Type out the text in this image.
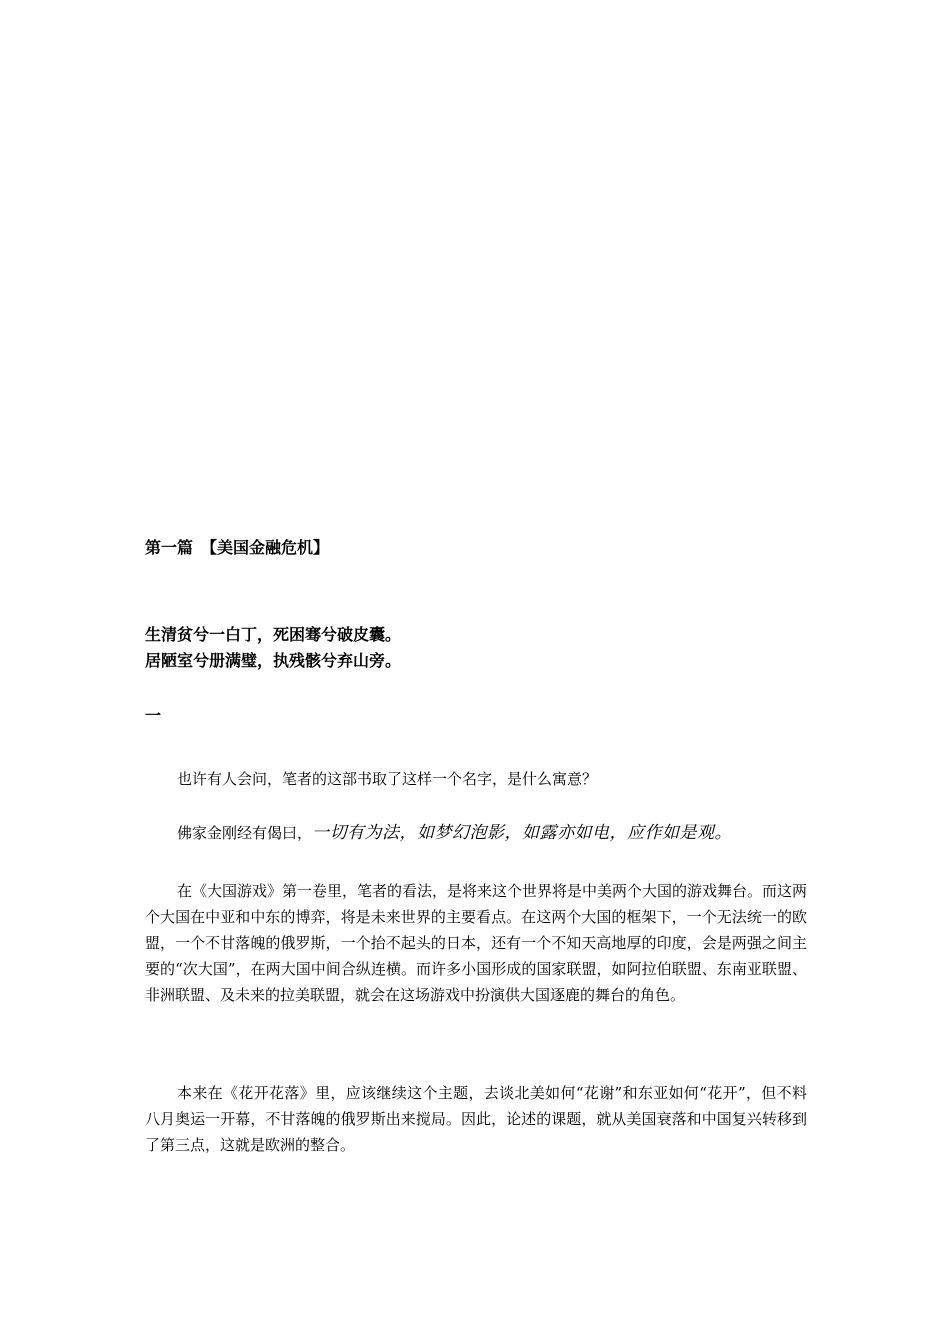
第一篇　【美国金融危机】
生清贫兮一白丁，死困骞兮破皮囊。
居陋室兮册满璧，执残骸兮弃山旁。
一

也许有人会问，笔者的这部书取了这样一个名字，是什么寓意？

佛家金刚经有偈曰，一切有为法，如梦幻泡影，如露亦如电，应作如是观。

在《大国游戏》第一卷里，笔者的看法，是将来这个世界将是中美两个大国的游戏舞台。而这两个大国在中亚和中东的博弈，将是未来世界的主要看点。在这两个大国的框架下，一个无法统一的欧盟，一个不甘落魄的俄罗斯，一个抬不起头的日本，还有一个不知天高地厚的印度，会是两强之间主要的“次大国”，在两大国中间合纵连横。而许多小国形成的国家联盟，如阿拉伯联盟、东南亚联盟、非洲联盟、及未来的拉美联盟，就会在这场游戏中扮演供大国逐鹿的舞台的角色。

本来在《花开花落》里，应该继续这个主题，去谈北美如何“花谢”和东亚如何“花开”，但不料八月奥运一开幕，不甘落魄的俄罗斯出来搅局。因此，论述的课题，就从美国衰落和中国复兴转移到了第三点，这就是欧洲的整合。
